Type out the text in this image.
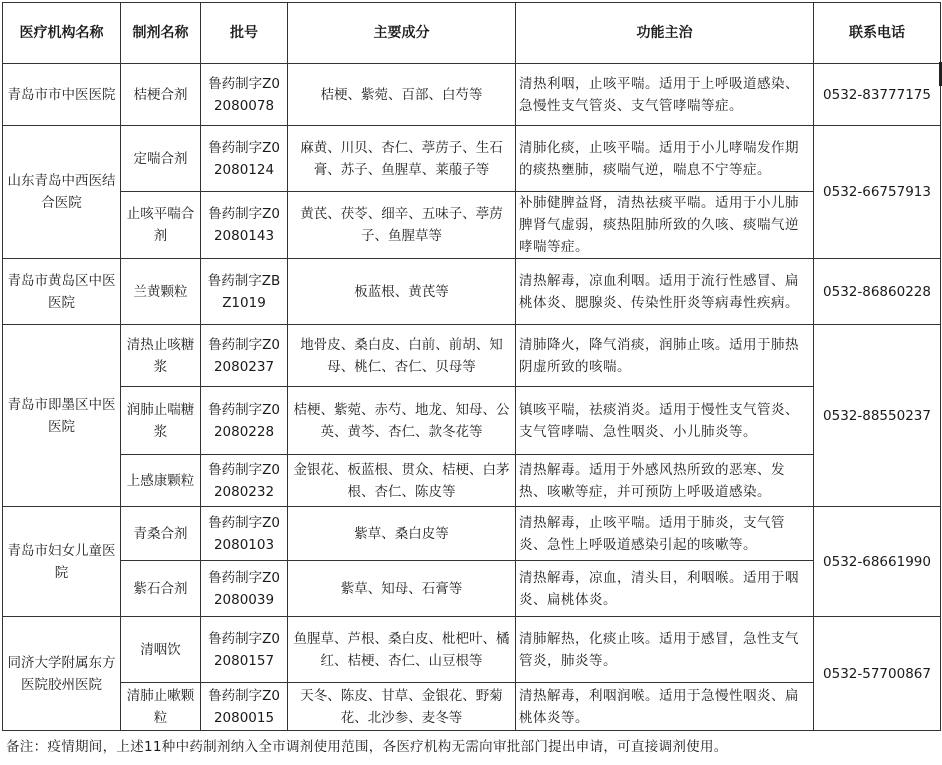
医疗机构名称	制剂名称	批号	主要成分	功能主治	联系电话
青岛市市中医医院	桔梗合剂	鲁药制字Z02080078	桔梗、紫菀、百部、白芍等	清热利咽，止咳平喘。适用于上呼吸道感染、急慢性支气管炎、支气管哮喘等症。	0532-83777175
山东青岛中西医结合医院	定喘合剂	鲁药制字Z02080124	麻黄、川贝、杏仁、葶苈子、生石膏、苏子、鱼腥草、莱菔子等	清肺化痰，止咳平喘。适用于小儿哮喘发作期的痰热壅肺，痰喘气逆，喘息不宁等症。	0532-66757913
	止咳平喘合剂	鲁药制字Z02080143	黄芪、茯苓、细辛、五味子、葶苈子、鱼腥草等	补肺健脾益肾，清热祛痰平喘。适用于小儿肺脾肾气虚弱，痰热阻肺所致的久咳、痰喘气逆哮喘等症。	
青岛市黄岛区中医医院	兰黄颗粒	鲁药制字ZBZ1019	板蓝根、黄芪等	清热解毒，凉血利咽。适用于流行性感冒、扁桃体炎、腮腺炎、传染性肝炎等病毒性疾病。	0532-86860228
青岛市即墨区中医医院	清热止咳糖浆	鲁药制字Z02080237	地骨皮、桑白皮、白前、前胡、知母、桃仁、杏仁、贝母等	清肺降火，降气消痰，润肺止咳。适用于肺热阴虚所致的咳喘。	0532-88550237
	润肺止喘糖浆	鲁药制字Z02080228	桔梗、紫菀、赤芍、地龙、知母、公英、黄芩、杏仁、款冬花等	镇咳平喘，祛痰消炎。适用于慢性支气管炎、支气管哮喘、急性咽炎、小儿肺炎等。	
	上感康颗粒	鲁药制字Z02080232	金银花、板蓝根、贯众、桔梗、白茅根、杏仁、陈皮等	清热解毒。适用于外感风热所致的恶寒、发热、咳嗽等症，并可预防上呼吸道感染。	
青岛市妇女儿童医院	青桑合剂	鲁药制字Z02080103	紫草、桑白皮等	清热解毒，止咳平喘。适用于肺炎，支气管炎、急性上呼吸道感染引起的咳嗽等。	0532-68661990
	紫石合剂	鲁药制字Z02080039	紫草、知母、石膏等	清热解毒，凉血，清头目，利咽喉。适用于咽炎、扁桃体炎。	
同济大学附属东方医院胶州医院	清咽饮	鲁药制字Z02080157	鱼腥草、芦根、桑白皮、枇杷叶、橘红、桔梗、杏仁、山豆根等	清肺解热，化痰止咳。适用于感冒，急性支气管炎，肺炎等。	0532-57700867
	清肺止嗽颗粒	鲁药制字Z02080015	天冬、陈皮、甘草、金银花、野菊花、北沙参、麦冬等	清热解毒，利咽润喉。适用于急慢性咽炎、扁桃体炎等。	
备注：疫情期间，上述11种中药制剂纳入全市调剂使用范围，各医疗机构无需向审批部门提出申请，可直接调剂使用。
